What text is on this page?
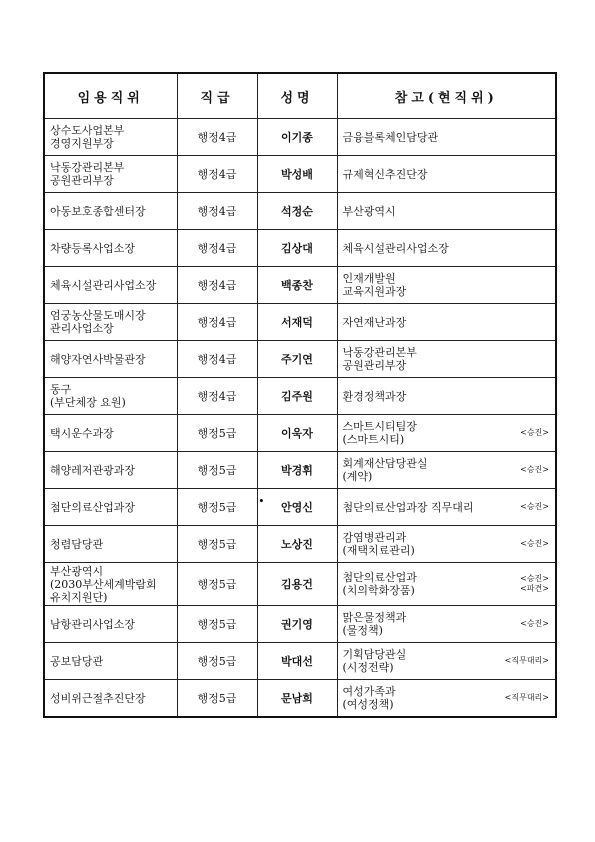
임용직위	직급	성명	참고(현직위)

상수도사업본부
경영지원부장	행정4급	이기종	금융블록체인담당관

낙동강관리본부
공원관리부장	행정4급	박성배	규제혁신추진단장

아동보호종합센터장	행정4급	석정순	부산광역시

차량등록사업소장	행정4급	김상대	체육시설관리사업소장

체육시설관리사업소장	행정4급	백종찬	인재개발원
교육지원과장

엄궁농산물도매시장
관리사업소장	행정4급	서재덕	자연재난과장

해양자연사박물관장	행정4급	주기연	낙동강관리본부
공원관리부장

동구
(부단체장 요원)	행정4급	김주원	환경정책과장

택시운수과장	행정5급	이욱자	스마트시티팀장
(스마트시티)
<승진>

해양레저관광과장	행정5급	박경휘	회계재산담당관실
(계약)
<승진>

첨단의료산업과장	행정5급	• 안영신	첨단의료산업과장 직무대리 <승진>

청렴담당관	행정5급	노상진	감염병관리과
(재택치료관리)
<승진>

부산광역시
(2030부산세계박람회
유치지원단)	행정5급	김용건	첨단의료산업과
(치의학화장품)
<승진>
<파견>

남항관리사업소장	행정5급	권기영	맑은물정책과
(물정책)
<승진>

공보담당관	행정5급	박대선	기획담당관실
(시정전략)
<직무대리>

성비위근절추진단장	행정5급	문남희	여성가족과
(여성정책)
<직무대리>
